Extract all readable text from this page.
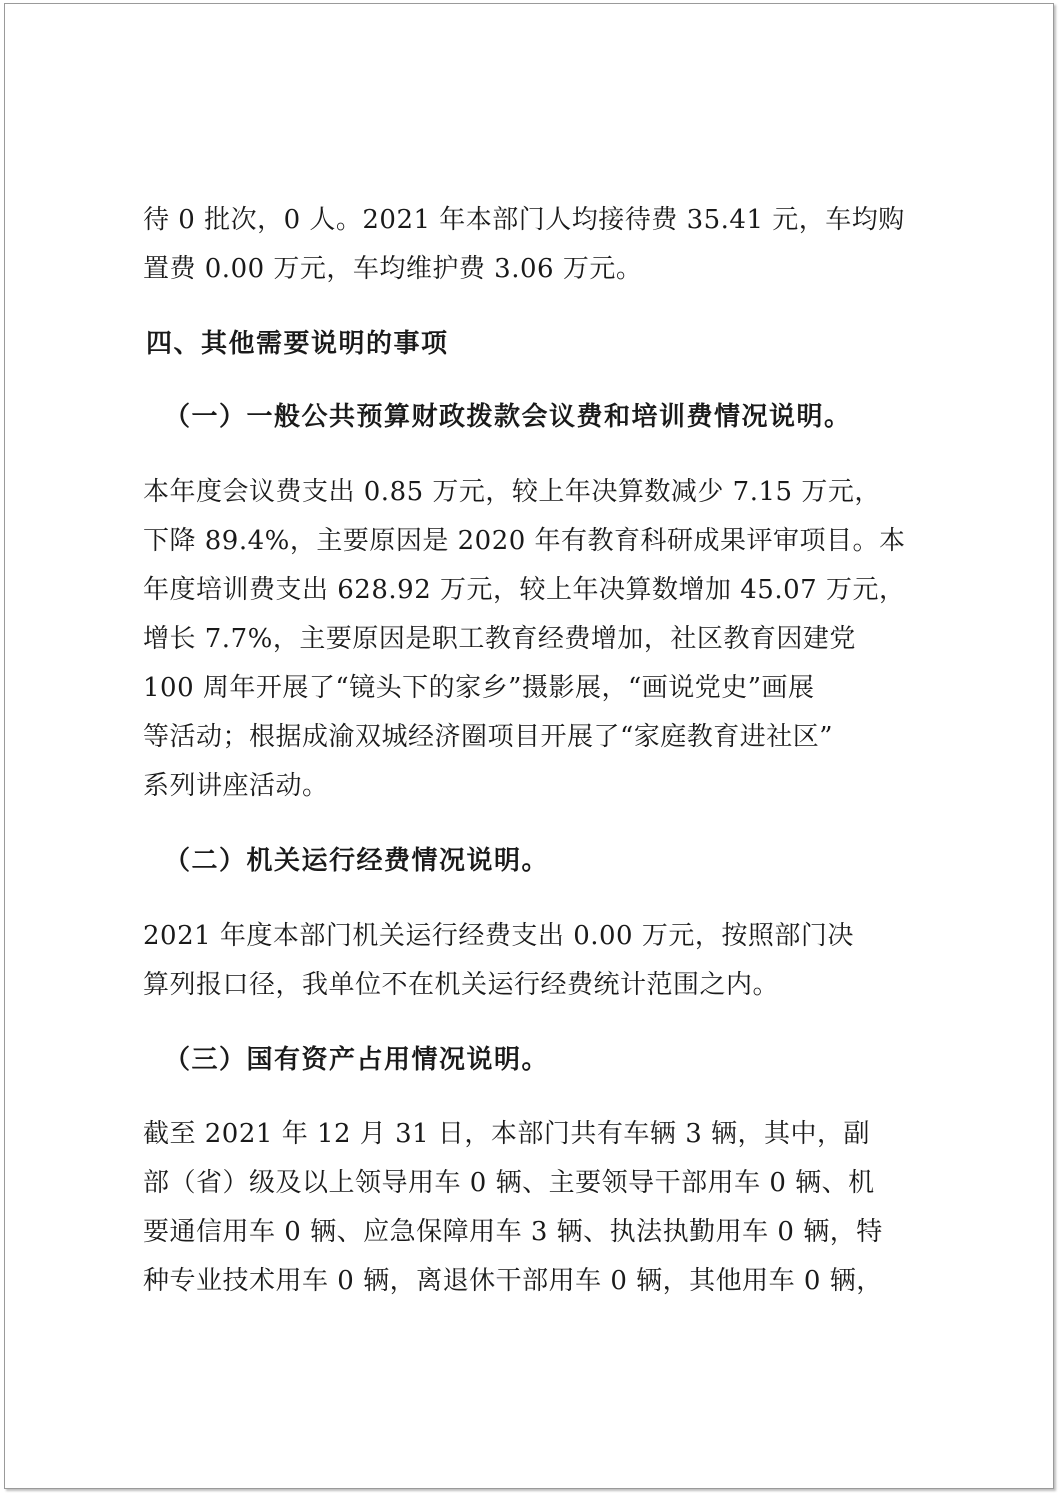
待 0 批次，0 人。2021 年本部门人均接待费 35.41 元，车均购
置费 0.00 万元，车均维护费 3.06 万元。
四、其他需要说明的事项
（一）一般公共预算财政拨款会议费和培训费情况说明。
本年度会议费支出 0.85 万元，较上年决算数减少 7.15 万元，
下降 89.4%，主要原因是 2020 年有教育科研成果评审项目。本
年度培训费支出 628.92 万元，较上年决算数增加 45.07 万元，
增长 7.7%，主要原因是职工教育经费增加，社区教育因建党
100 周年开展了“镜头下的家乡”摄影展，“画说党史”画展
等活动；根据成渝双城经济圈项目开展了“家庭教育进社区”
系列讲座活动。
（二）机关运行经费情况说明。
2021 年度本部门机关运行经费支出 0.00 万元，按照部门决
算列报口径，我单位不在机关运行经费统计范围之内。
（三）国有资产占用情况说明。
截至 2021 年 12 月 31 日，本部门共有车辆 3 辆，其中，副
部（省）级及以上领导用车 0 辆、主要领导干部用车 0 辆、机
要通信用车 0 辆、应急保障用车 3 辆、执法执勤用车 0 辆，特
种专业技术用车 0 辆，离退休干部用车 0 辆，其他用车 0 辆，
